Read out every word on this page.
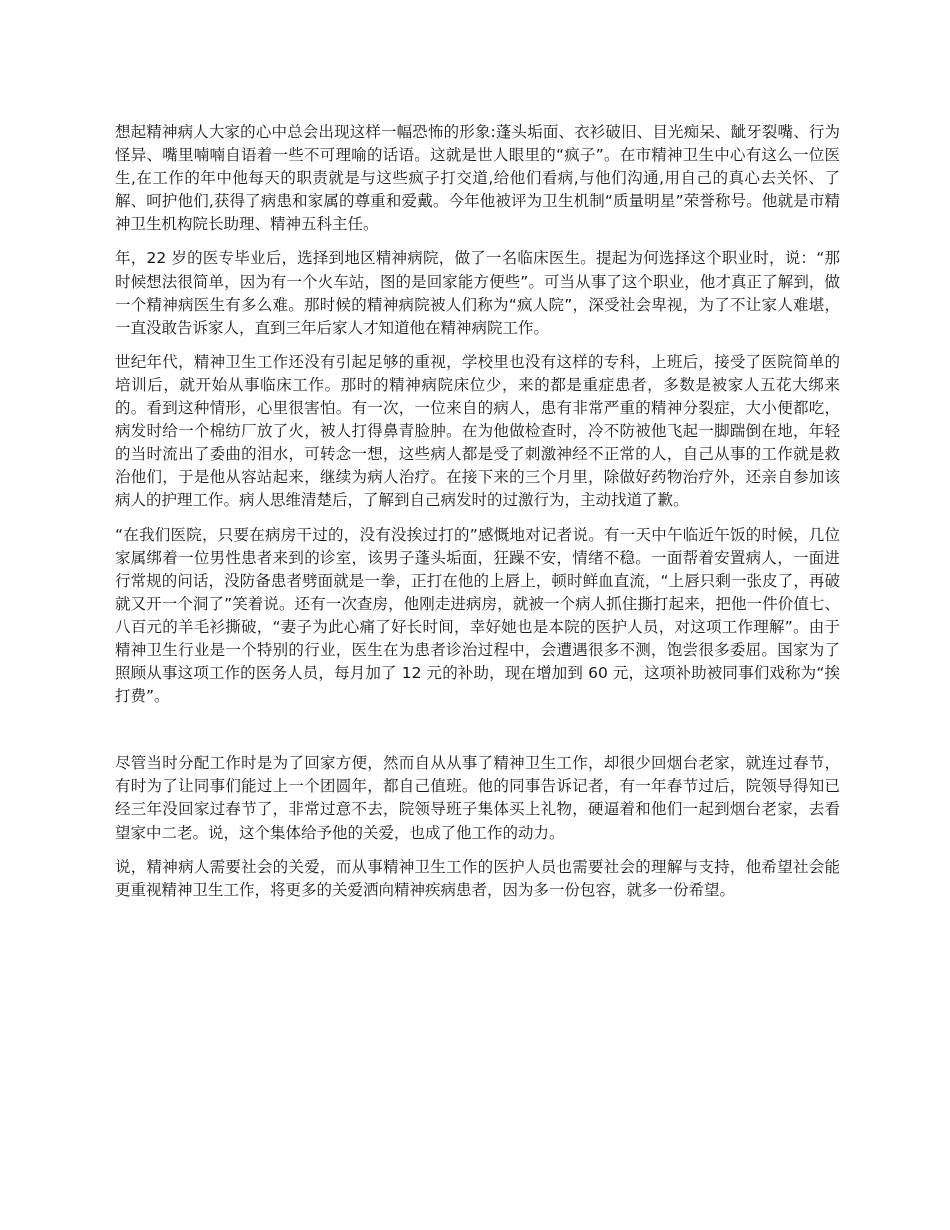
想起精神病人大家的心中总会出现这样一幅恐怖的形象:蓬头垢面、衣衫破旧、目光痴呆、龇牙裂嘴、行为怪异、嘴里喃喃自语着一些不可理喻的话语。这就是世人眼里的“疯子”。在市精神卫生中心有这么一位医生,在工作的年中他每天的职责就是与这些疯子打交道,给他们看病,与他们沟通,用自己的真心去关怀、了解、呵护他们,获得了病患和家属的尊重和爱戴。今年他被评为卫生机制“质量明星”荣誉称号。他就是市精神卫生机构院长助理、精神五科主任。

年，22 岁的医专毕业后，选择到地区精神病院，做了一名临床医生。提起为何选择这个职业时，说：“那时候想法很简单，因为有一个火车站，图的是回家能方便些”。可当从事了这个职业，他才真正了解到，做一个精神病医生有多么难。那时候的精神病院被人们称为“疯人院”，深受社会卑视，为了不让家人难堪，一直没敢告诉家人，直到三年后家人才知道他在精神病院工作。

世纪年代，精神卫生工作还没有引起足够的重视，学校里也没有这样的专科，上班后，接受了医院简单的培训后，就开始从事临床工作。那时的精神病院床位少，来的都是重症患者，多数是被家人五花大绑来的。看到这种情形，心里很害怕。有一次，一位来自的病人，患有非常严重的精神分裂症，大小便都吃，病发时给一个棉纺厂放了火，被人打得鼻青脸肿。在为他做检查时，冷不防被他飞起一脚踹倒在地，年轻的当时流出了委曲的泪水，可转念一想，这些病人都是受了刺激神经不正常的人，自己从事的工作就是救治他们，于是他从容站起来，继续为病人治疗。在接下来的三个月里，除做好药物治疗外，还亲自参加该病人的护理工作。病人思维清楚后，了解到自己病发时的过激行为，主动找道了歉。

“在我们医院，只要在病房干过的，没有没挨过打的”感慨地对记者说。有一天中午临近午饭的时候，几位家属绑着一位男性患者来到的诊室，该男子蓬头垢面，狂躁不安，情绪不稳。一面帮着安置病人，一面进行常规的问话，没防备患者劈面就是一拳，正打在他的上唇上，顿时鲜血直流，“上唇只剩一张皮了，再破就又开一个洞了”笑着说。还有一次查房，他刚走进病房，就被一个病人抓住撕打起来，把他一件价值七、八百元的羊毛衫撕破，“妻子为此心痛了好长时间，幸好她也是本院的医护人员，对这项工作理解”。由于精神卫生行业是一个特别的行业，医生在为患者诊治过程中，会遭遇很多不测，饱尝很多委屈。国家为了照顾从事这项工作的医务人员，每月加了 12 元的补助，现在增加到 60 元，这项补助被同事们戏称为“挨打费”。

尽管当时分配工作时是为了回家方便，然而自从从事了精神卫生工作，却很少回烟台老家，就连过春节，有时为了让同事们能过上一个团圆年，都自己值班。他的同事告诉记者，有一年春节过后，院领导得知已经三年没回家过春节了，非常过意不去，院领导班子集体买上礼物，硬逼着和他们一起到烟台老家，去看望家中二老。说，这个集体给予他的关爱，也成了他工作的动力。

说，精神病人需要社会的关爱，而从事精神卫生工作的医护人员也需要社会的理解与支持，他希望社会能更重视精神卫生工作，将更多的关爱洒向精神疾病患者，因为多一份包容，就多一份希望。
